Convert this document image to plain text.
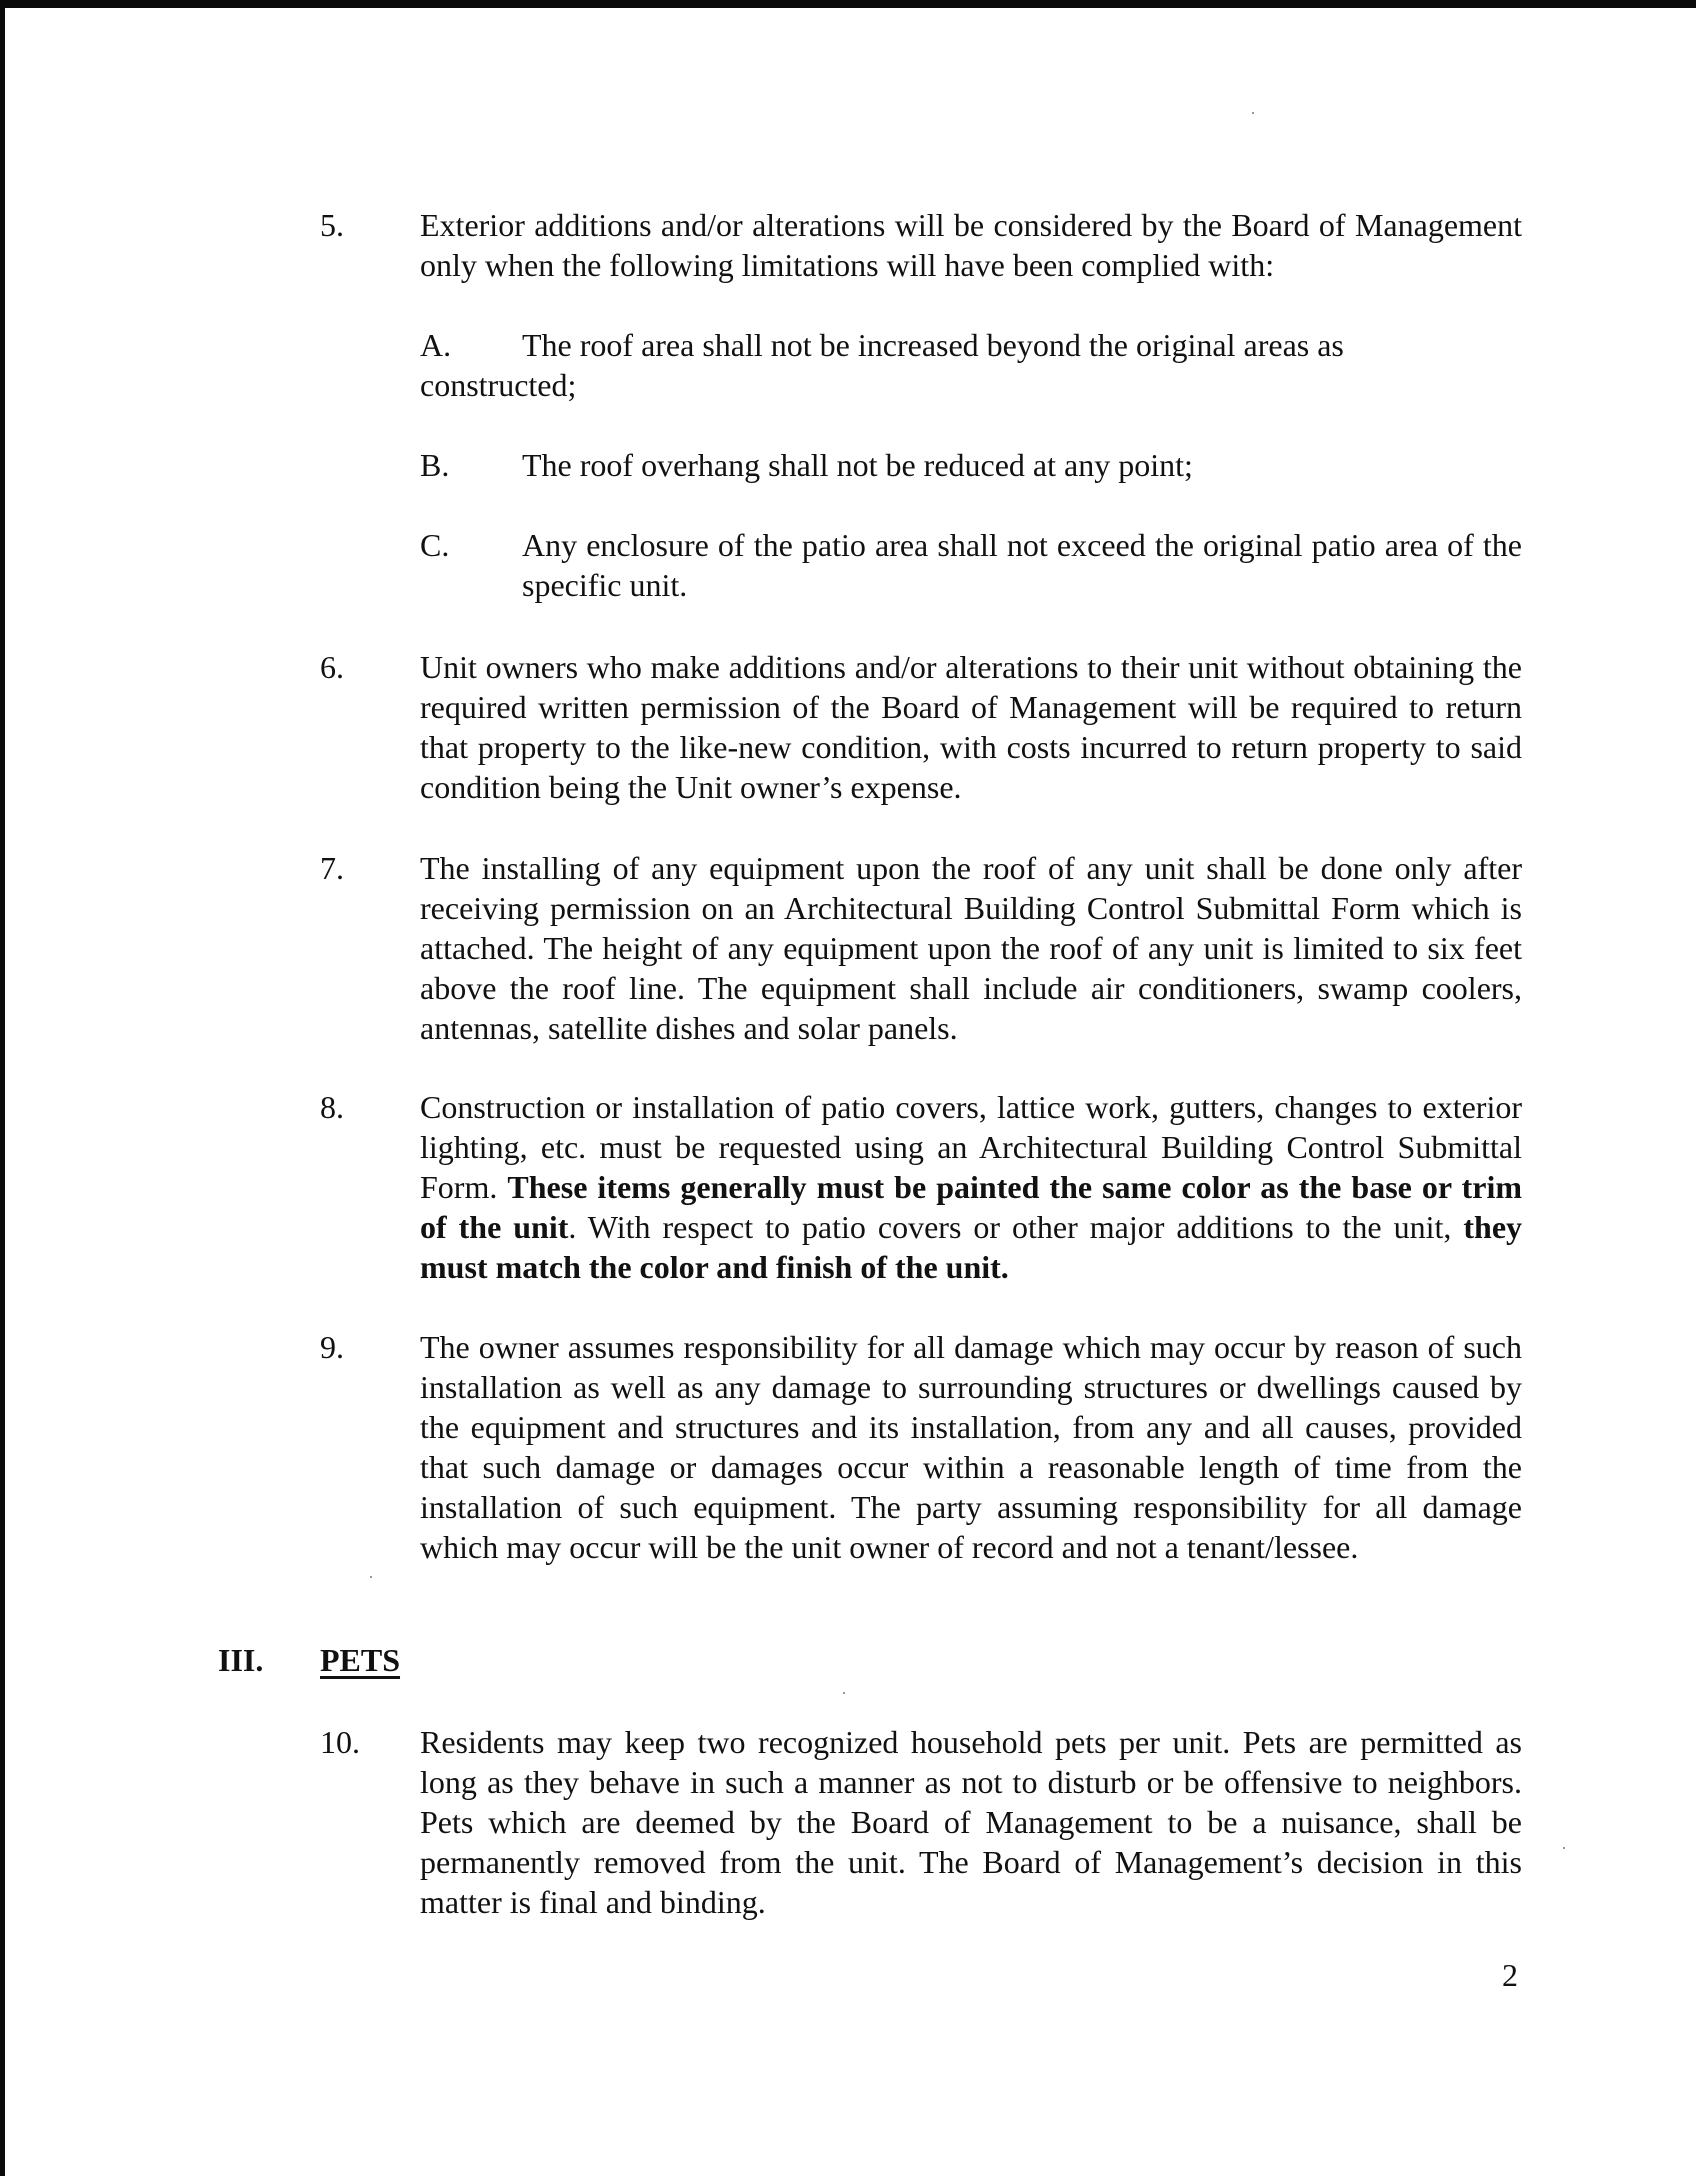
5. Exterior additions and/or alterations will be considered by the Board of Management only when the following limitations will have been complied with:

A. The roof area shall not be increased beyond the original areas as
constructed;
B. The roof overhang shall not be reduced at any point;
C. Any enclosure of the patio area shall not exceed the original patio area of the specific unit.

6. Unit owners who make additions and/or alterations to their unit without obtaining the required written permission of the Board of Management will be required to return that property to the like-new condition, with costs incurred to return property to said condition being the Unit owner’s expense.

7. The installing of any equipment upon the roof of any unit shall be done only after receiving permission on an Architectural Building Control Submittal Form which is attached. The height of any equipment upon the roof of any unit is limited to six feet above the roof line. The equipment shall include air conditioners, swamp coolers, antennas, satellite dishes and solar panels.

8. Construction or installation of patio covers, lattice work, gutters, changes to exterior lighting, etc. must be requested using an Architectural Building Control Submittal Form. These items generally must be painted the same color as the base or trim of the unit. With respect to patio covers or other major additions to the unit, they must match the color and finish of the unit.

9. The owner assumes responsibility for all damage which may occur by reason of such installation as well as any damage to surrounding structures or dwellings caused by the equipment and structures and its installation, from any and all causes, provided that such damage or damages occur within a reasonable length of time from the installation of such equipment. The party assuming responsibility for all damage which may occur will be the unit owner of record and not a tenant/lessee.

III. PETS
10. Residents may keep two recognized household pets per unit. Pets are permitted as long as they behave in such a manner as not to disturb or be offensive to neighbors. Pets which are deemed by the Board of Management to be a nuisance, shall be permanently removed from the unit. The Board of Management’s decision in this matter is final and binding.

2
